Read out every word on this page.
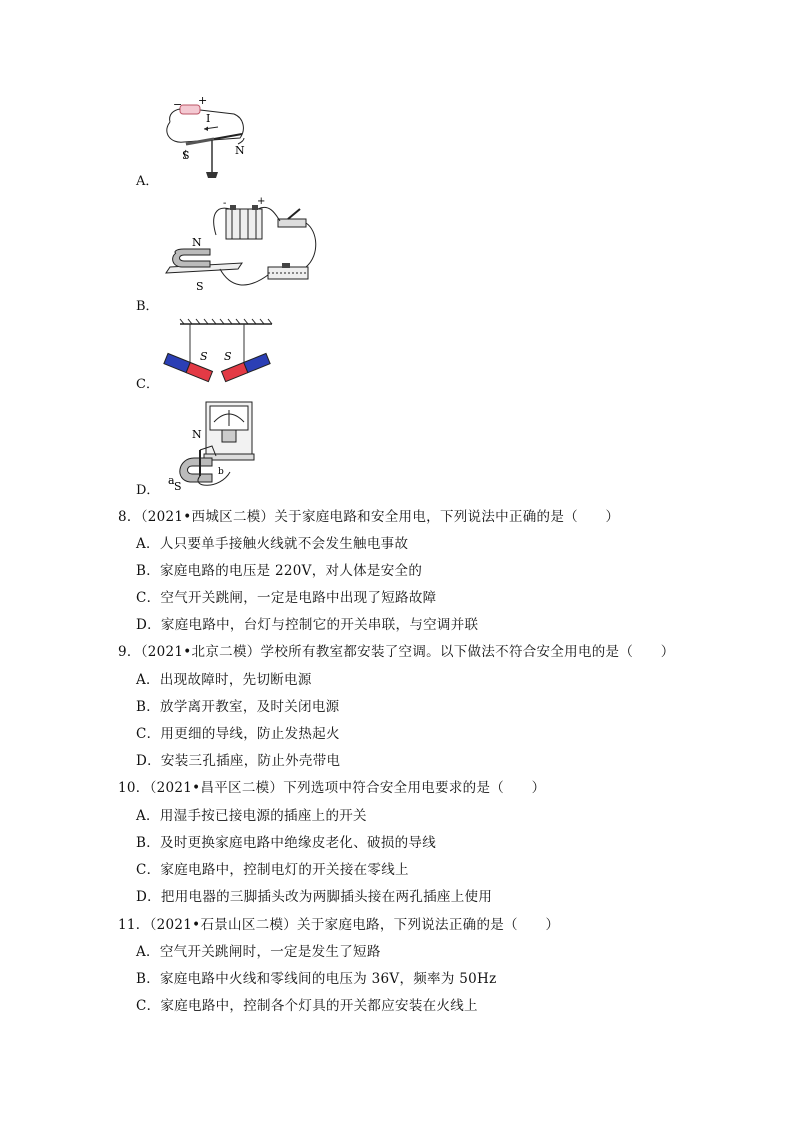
A．
− +
I
S	N
B．
-	+
N
S
C．
S S
D．
N
a S
b
8．（2021•西城区二模）关于家庭电路和安全用电，下列说法中正确的是（　　）
A．人只要单手接触火线就不会发生触电事故
B．家庭电路的电压是 220V，对人体是安全的
C．空气开关跳闸，一定是电路中出现了短路故障
D．家庭电路中，台灯与控制它的开关串联，与空调并联
9．（2021•北京二模）学校所有教室都安装了空调。以下做法不符合安全用电的是（　　）
A．出现故障时，先切断电源
B．放学离开教室，及时关闭电源
C．用更细的导线，防止发热起火
D．安装三孔插座，防止外壳带电
10．（2021•昌平区二模）下列选项中符合安全用电要求的是（　　）
A．用湿手按已接电源的插座上的开关
B．及时更换家庭电路中绝缘皮老化、破损的导线
C．家庭电路中，控制电灯的开关接在零线上
D．把用电器的三脚插头改为两脚插头接在两孔插座上使用
11．（2021•石景山区二模）关于家庭电路，下列说法正确的是（　　）
A．空气开关跳闸时，一定是发生了短路
B．家庭电路中火线和零线间的电压为 36V，频率为 50Hz
C．家庭电路中，控制各个灯具的开关都应安装在火线上
